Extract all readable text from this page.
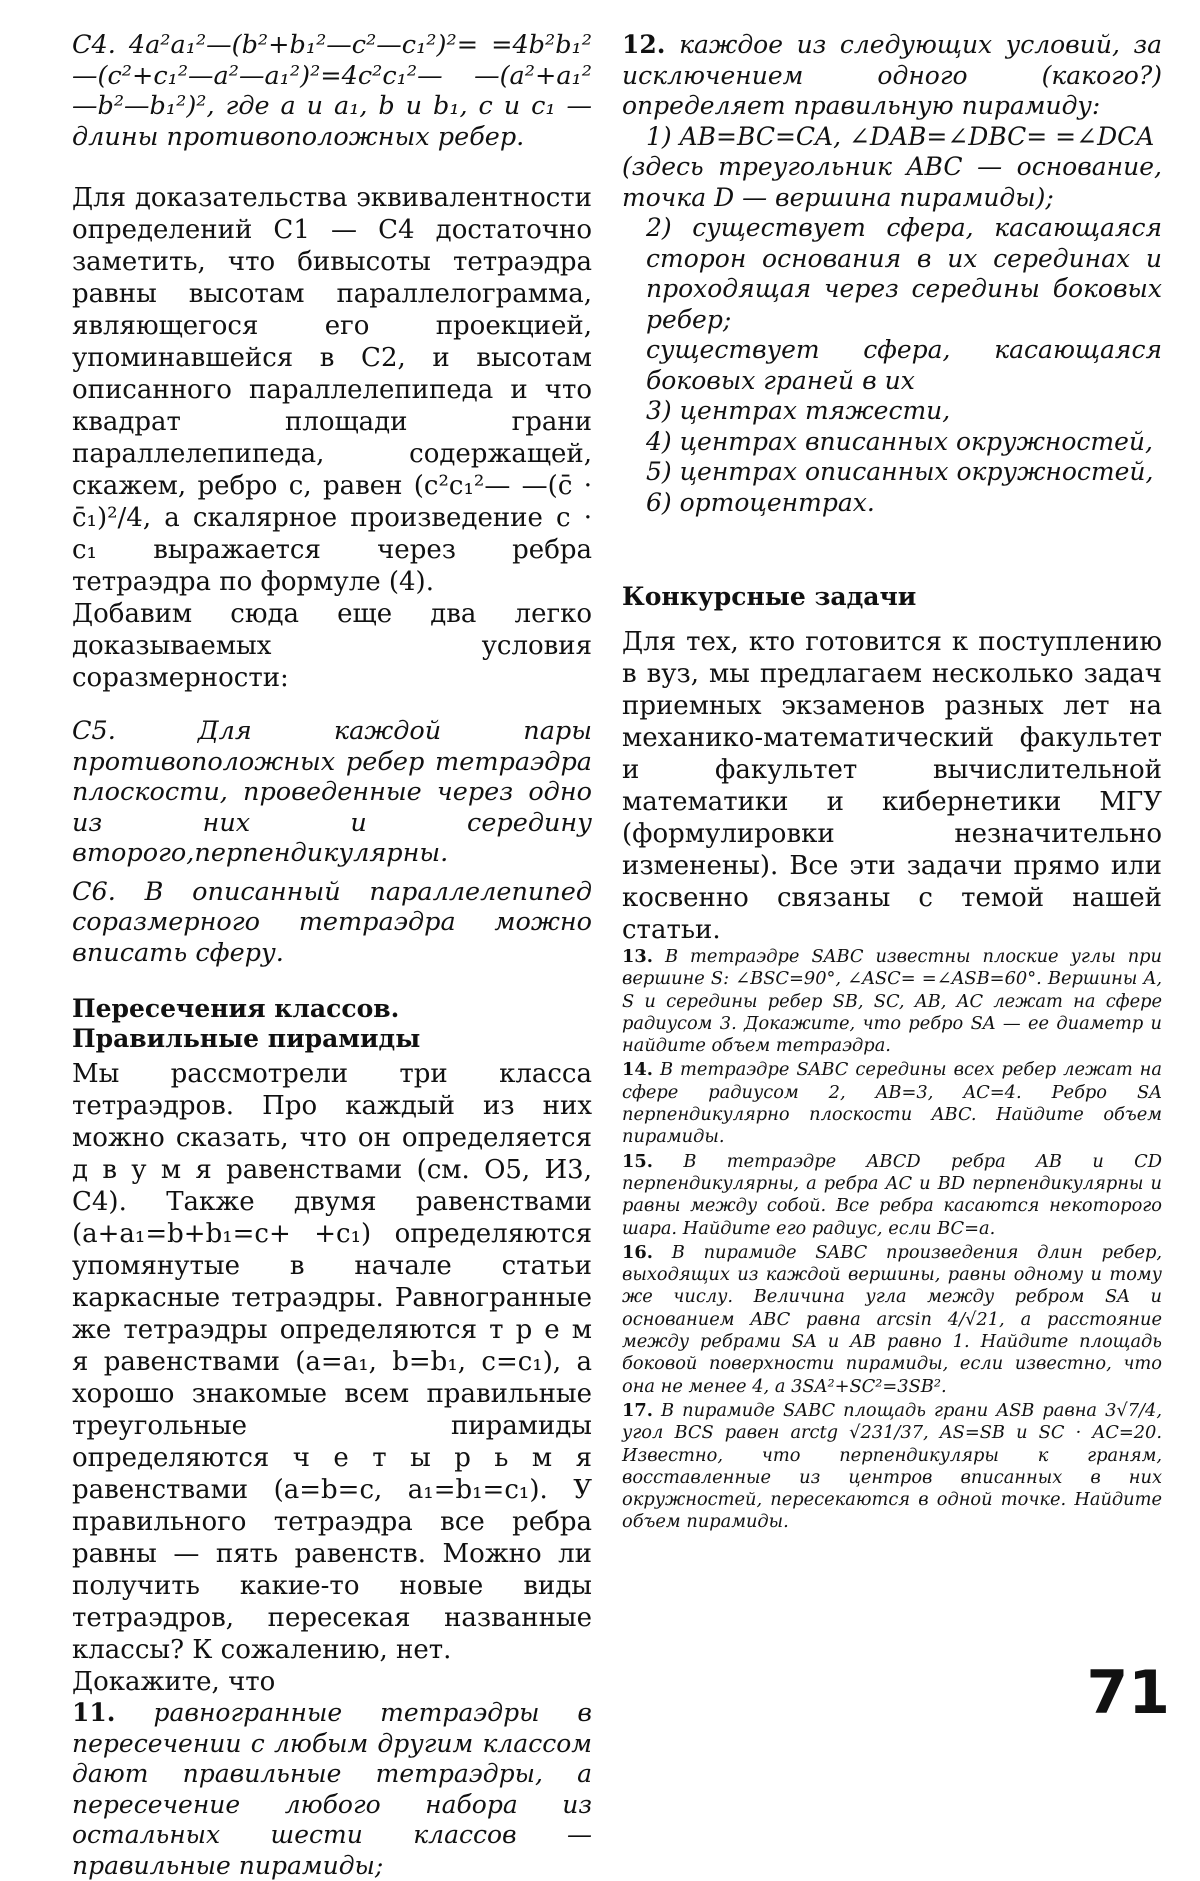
С4. 4a²a₁²—(b²+b₁²—c²—c₁²)²= =4b²b₁²—(c²+c₁²—a²—a₁²)²=4c²c₁²— —(a²+a₁²—b²—b₁²)², где a и a₁, b и b₁, c и c₁ — длины противоположных ребер.

Для доказательства эквивалентности определений С1 — С4 достаточно заметить, что бивысоты тетраэдра равны высотам параллелограмма, являющегося его проекцией, упоминавшейся в С2, и высотам описанного параллелепипеда и что квадрат площади грани параллелепипеда, содержащей, скажем, ребро c, равен (c²c₁²— —(c̄ · c̄₁)²/4, а скалярное произведение c · c₁ выражается через ребра тетраэдра по формуле (4).

Добавим сюда еще два легко доказываемых условия соразмерности:

С5. Для каждой пары противоположных ребер тетраэдра плоскости, проведенные через одно из них и середину второго,перпендикулярны.

С6. В описанный параллелепипед соразмерного тетраэдра можно вписать сферу.

Пересечения классов.
Правильные пирамиды

Мы рассмотрели три класса тетраэдров. Про каждый из них можно сказать, что он определяется д в у м я равенствами (см. О5, И3, С4). Также двумя равенствами (a+a₁=b+b₁=c+ +c₁) определяются упомянутые в начале статьи каркасные тетраэдры. Равногранные же тетраэдры определяются т р е м я равенствами (a=a₁, b=b₁, c=c₁), а хорошо знакомые всем правильные треугольные пирамиды определяются ч е т ы р ь м я равенствами (a=b=c, a₁=b₁=c₁). У правильного тетраэдра все ребра равны — пять равенств. Можно ли получить какие-то новые виды тетраэдров, пересекая названные классы? К сожалению, нет.

Докажите, что

11. равногранные тетраэдры в пересечении с любым другим классом дают правильные тетраэдры, а пересечение любого набора из остальных шести классов — правильные пирамиды;

12. каждое из следующих условий, за исключением одного (какого?) определяет правильную пирамиду:

1) AB=BC=CA, ∠DAB=∠DBC= =∠DCA

(здесь треугольник ABC — основание, точка D — вершина пирамиды);

2) существует сфера, касающаяся сторон основания в их серединах и проходящая через середины боковых ребер;

существует сфера, касающаяся боковых граней в их

3) центрах тяжести,

4) центрах вписанных окружностей,

5) центрах описанных окружностей,

6) ортоцентрах.

Конкурсные задачи

Для тех, кто готовится к поступлению в вуз, мы предлагаем несколько задач приемных экзаменов разных лет на механико-математический факультет и факультет вычислительной математики и кибернетики МГУ (формулировки незначительно изменены). Все эти задачи прямо или косвенно связаны с темой нашей статьи.

13. В тетраэдре SABC известны плоские углы при вершине S: ∠BSC=90°, ∠ASC= =∠ASB=60°. Вершины A, S и середины ребер SB, SC, AB, AC лежат на сфере радиусом 3. Докажите, что ребро SA — ее диаметр и найдите объем тетраэдра.

14. В тетраэдре SABC середины всех ребер лежат на сфере радиусом 2, AB=3, AC=4. Ребро SA перпендикулярно плоскости ABC. Найдите объем пирамиды.

15. В тетраэдре ABCD ребра AB и CD перпендикулярны, а ребра AC и BD перпендикулярны и равны между собой. Все ребра касаются некоторого шара. Найдите его радиус, если BC=a.

16. В пирамиде SABC произведения длин ребер, выходящих из каждой вершины, равны одному и тому же числу. Величина угла между ребром SA и основанием ABC равна arcsin 4/√21, а расстояние между ребрами SA и AB равно 1. Найдите площадь боковой поверхности пирамиды, если известно, что она не менее 4, а 3SA²+SC²=3SB².

17. В пирамиде SABC площадь грани ASB равна 3√7/4, угол BCS равен arctg √231/37, AS=SB и SC · AC=20. Известно, что перпендикуляры к граням, восставленные из центров вписанных в них окружностей, пересекаются в одной точке. Найдите объем пирамиды.

71
